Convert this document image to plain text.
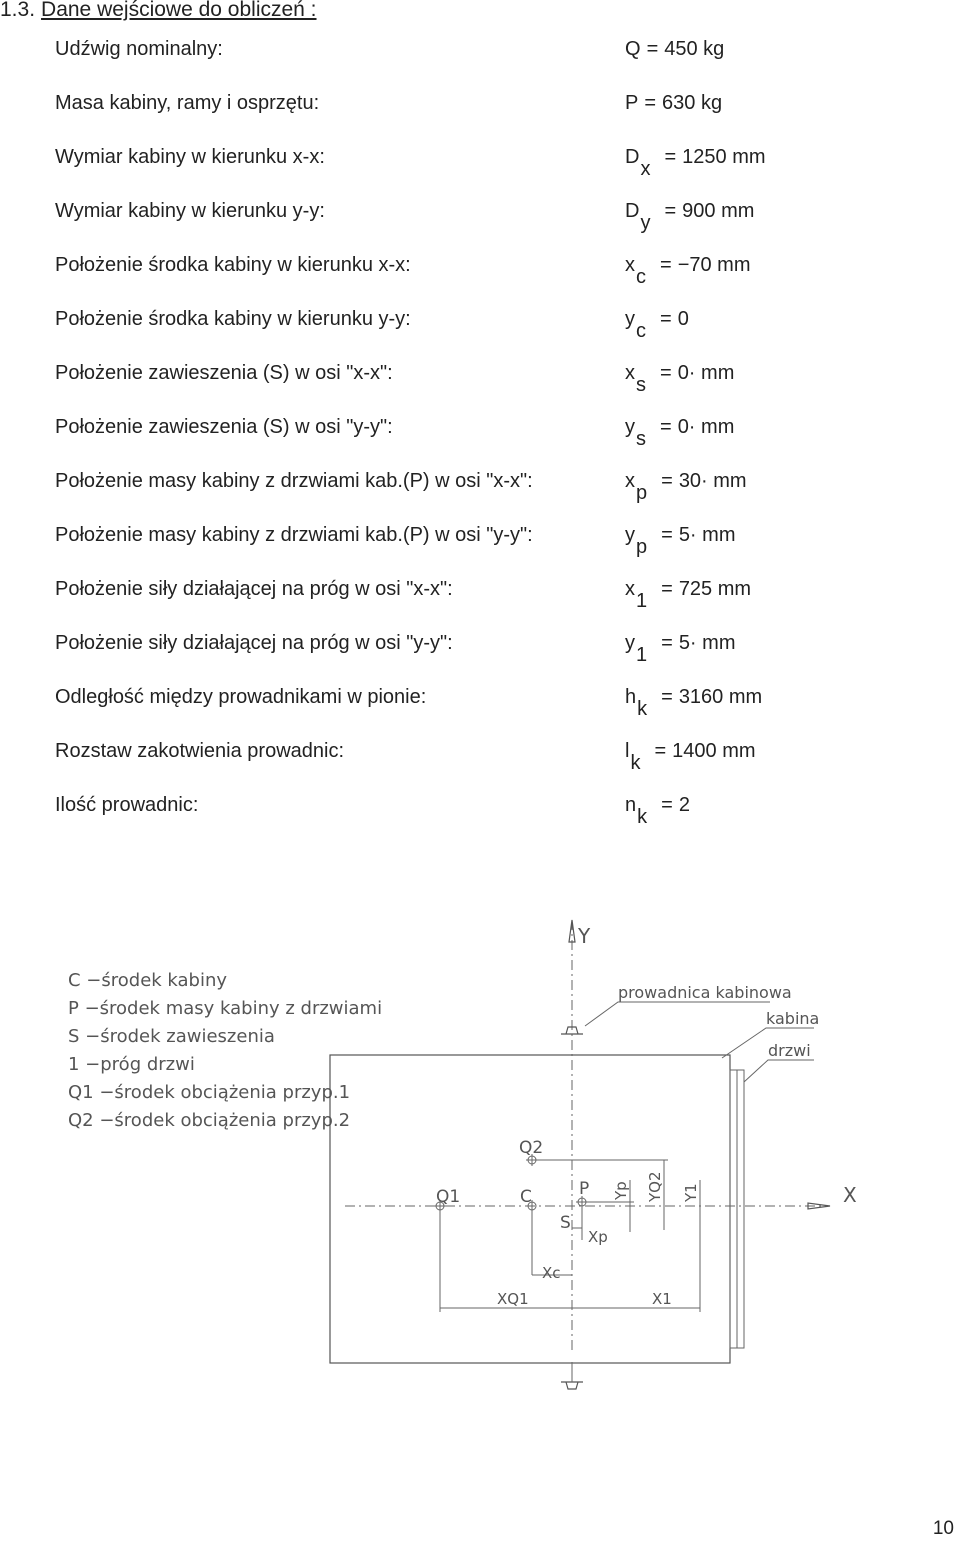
1.3. Dane wejściowe do obliczeń :
Udźwig nominalny:	Q = 450 kg
Masa kabiny, ramy i osprzętu:	P = 630 kg
Wymiar kabiny w kierunku x-x:	Dx= 1250 mm
Wymiar kabiny w kierunku y-y:	Dy= 900 mm
Położenie środka kabiny w kierunku x-x:	xc= −70 mm
Położenie środka kabiny w kierunku y-y:	yc= 0
Położenie zawieszenia (S) w osi "x-x":	xs= 0· mm
Położenie zawieszenia (S) w osi "y-y":	ys= 0· mm
Położenie masy kabiny z drzwiami kab.(P) w osi "x-x":	xp= 30· mm
Położenie masy kabiny z drzwiami kab.(P) w osi "y-y":	yp= 5· mm
Położenie siły działającej na próg w osi "x-x":	x1= 725 mm
Położenie siły działającej na próg w osi "y-y":	y1= 5· mm
Odległość między prowadnikami w pionie:	hk= 3160 mm
Rozstaw zakotwienia prowadnic:	lk= 1400 mm
Ilość prowadnic:	nk= 2
C −środek kabiny
P −środek masy kabiny z drzwiami
S −środek zawieszenia
1 −próg drzwi
Q1 −środek obciążenia przyp.1
Q2 −środek obciążenia przyp.2
Y
X
prowadnica kabinowa
kabina
drzwi
Q1
Q2
C	P
S
Yp YQ2 Y1
Xp
Xc
XQ1	X1
10
